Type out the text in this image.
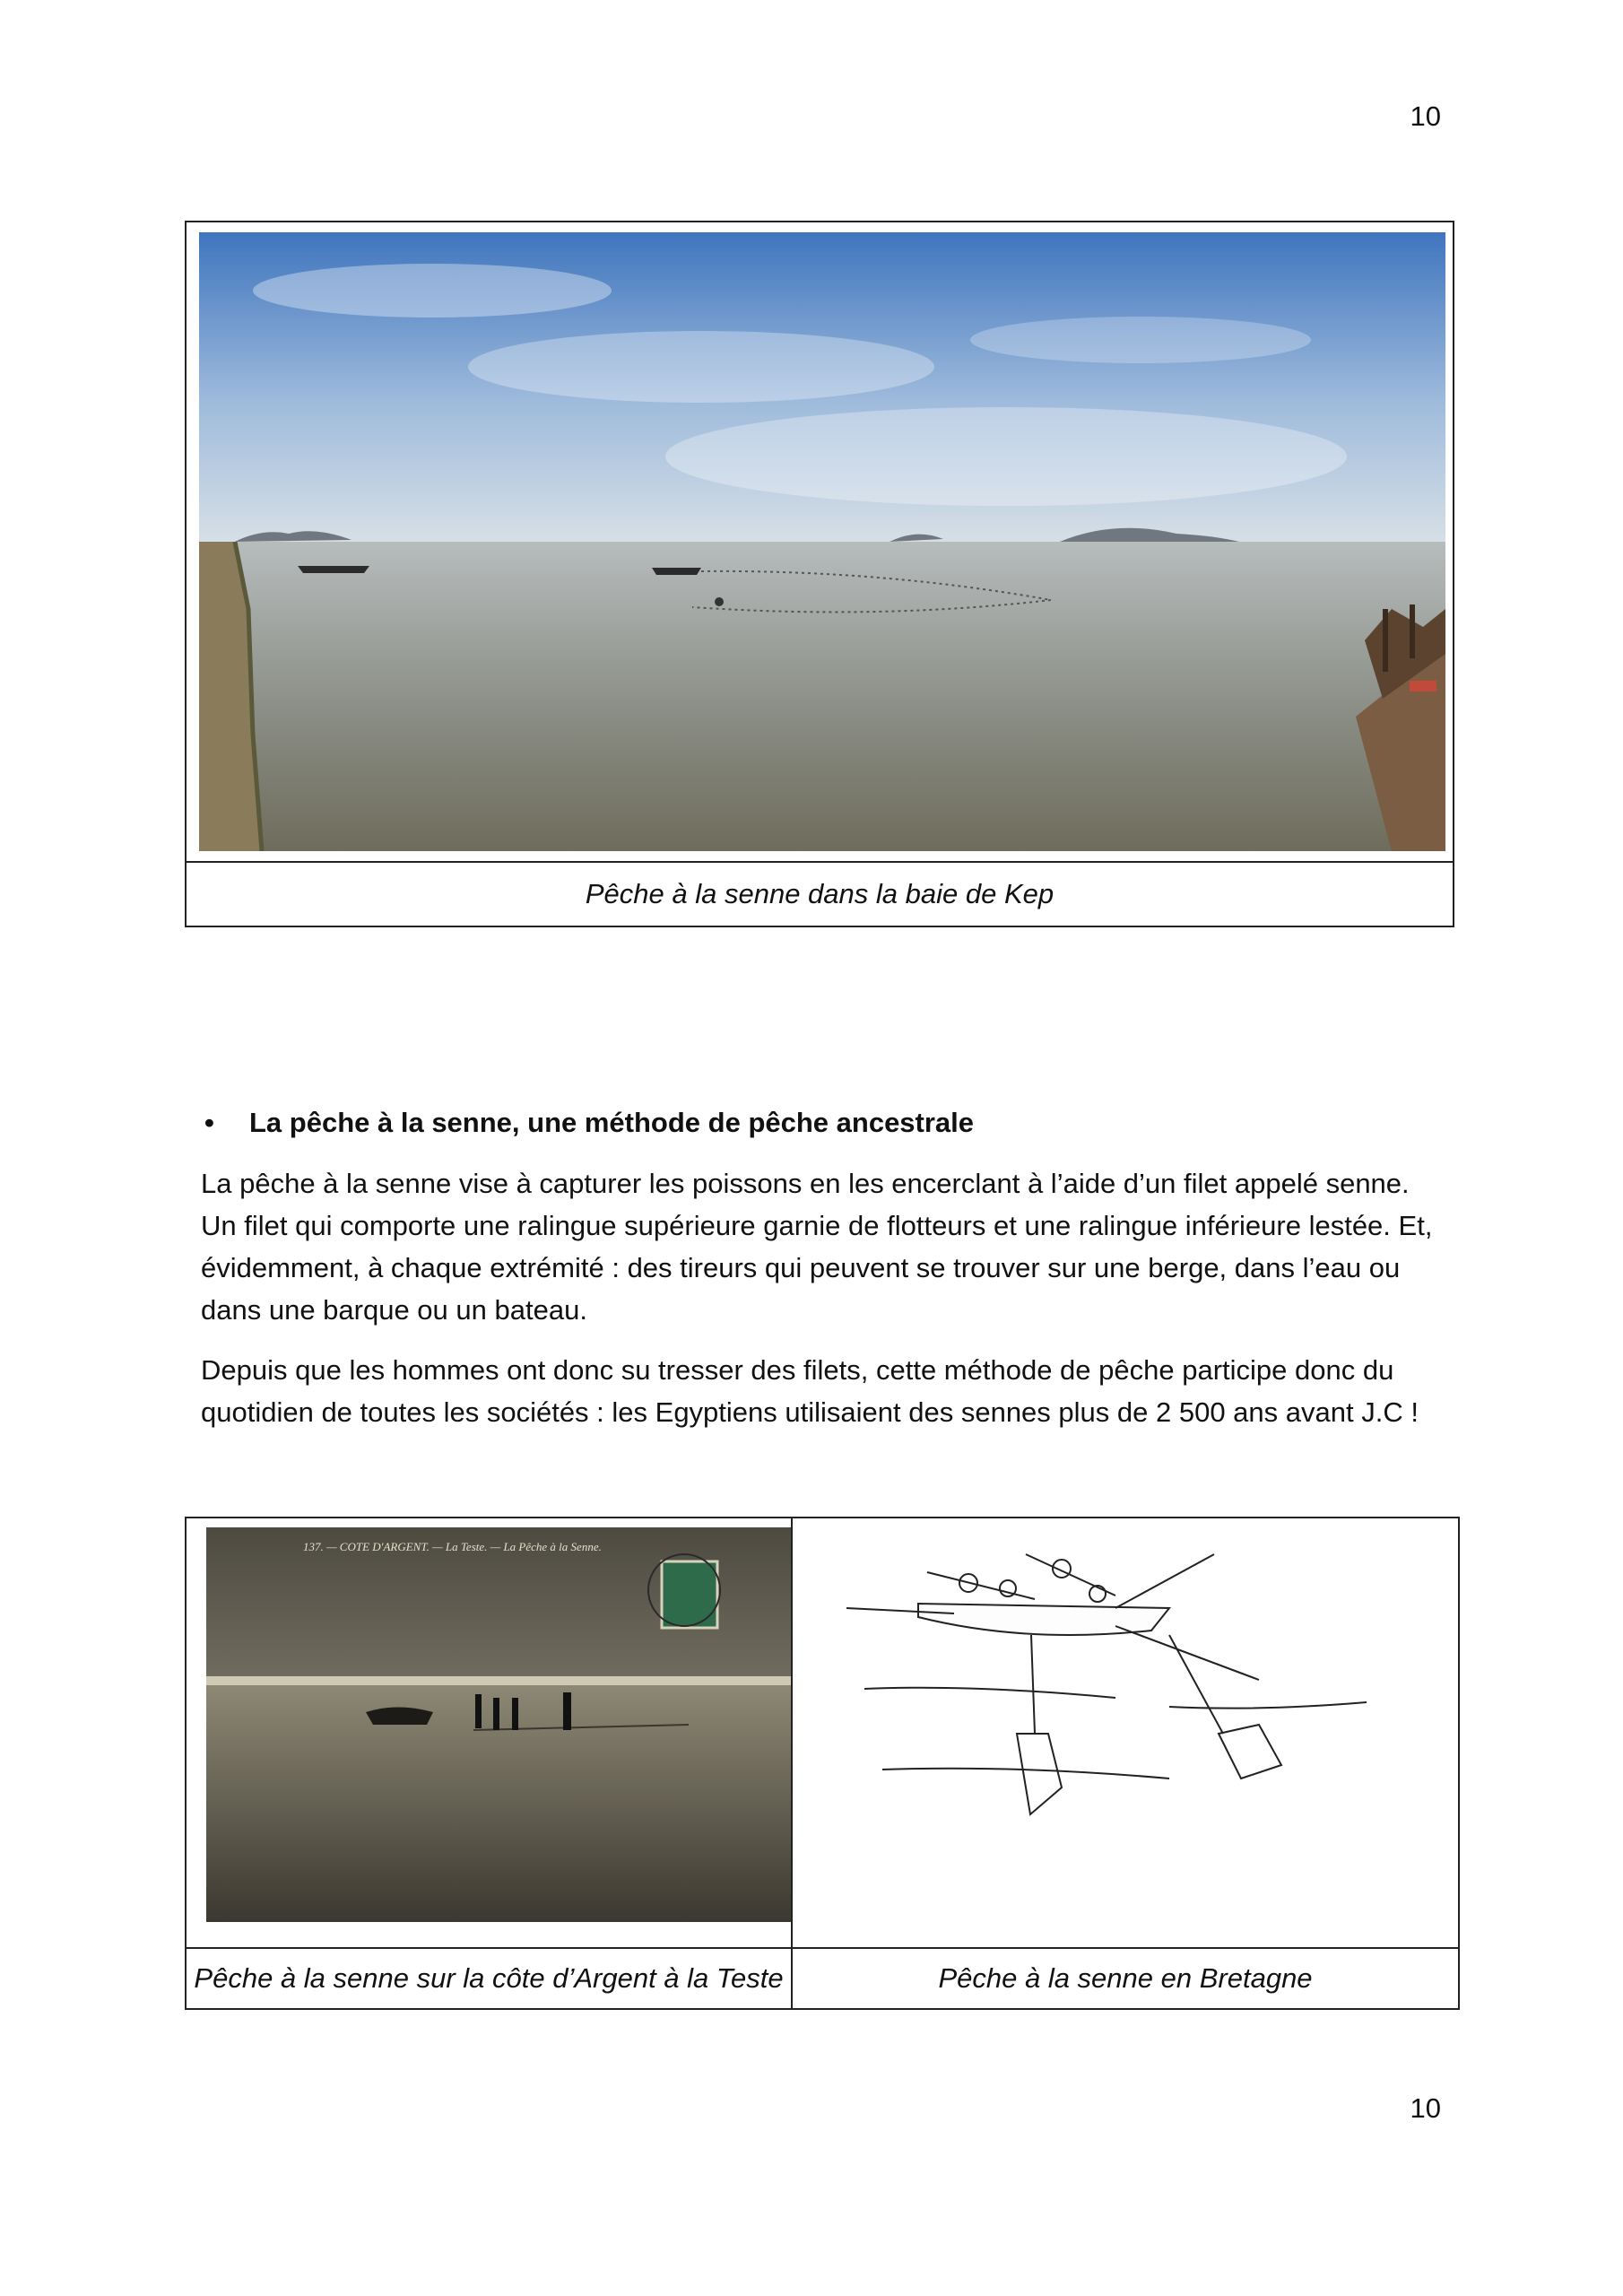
10

Pêche à la senne dans la baie de Kep
• La pêche à la senne, une méthode de pêche ancestrale

La pêche à la senne vise à capturer les poissons en les encerclant à l’aide d’un filet appelé senne. Un filet qui comporte une ralingue supérieure garnie de flotteurs et une ralingue inférieure lestée. Et, évidemment, à chaque extrémité : des tireurs qui peuvent se trouver sur une berge, dans l’eau ou dans une barque ou un bateau.

Depuis que les hommes ont donc su tresser des filets, cette méthode de pêche participe donc du quotidien de toutes les sociétés : les Egyptiens utilisaient des sennes plus de 2 500 ans avant J.C !

137. — COTE D'ARGENT. — La Teste. — La Pêche à la Senne.

Pêche à la senne sur la côte d’Argent à la Teste	Pêche à la senne en Bretagne
10
